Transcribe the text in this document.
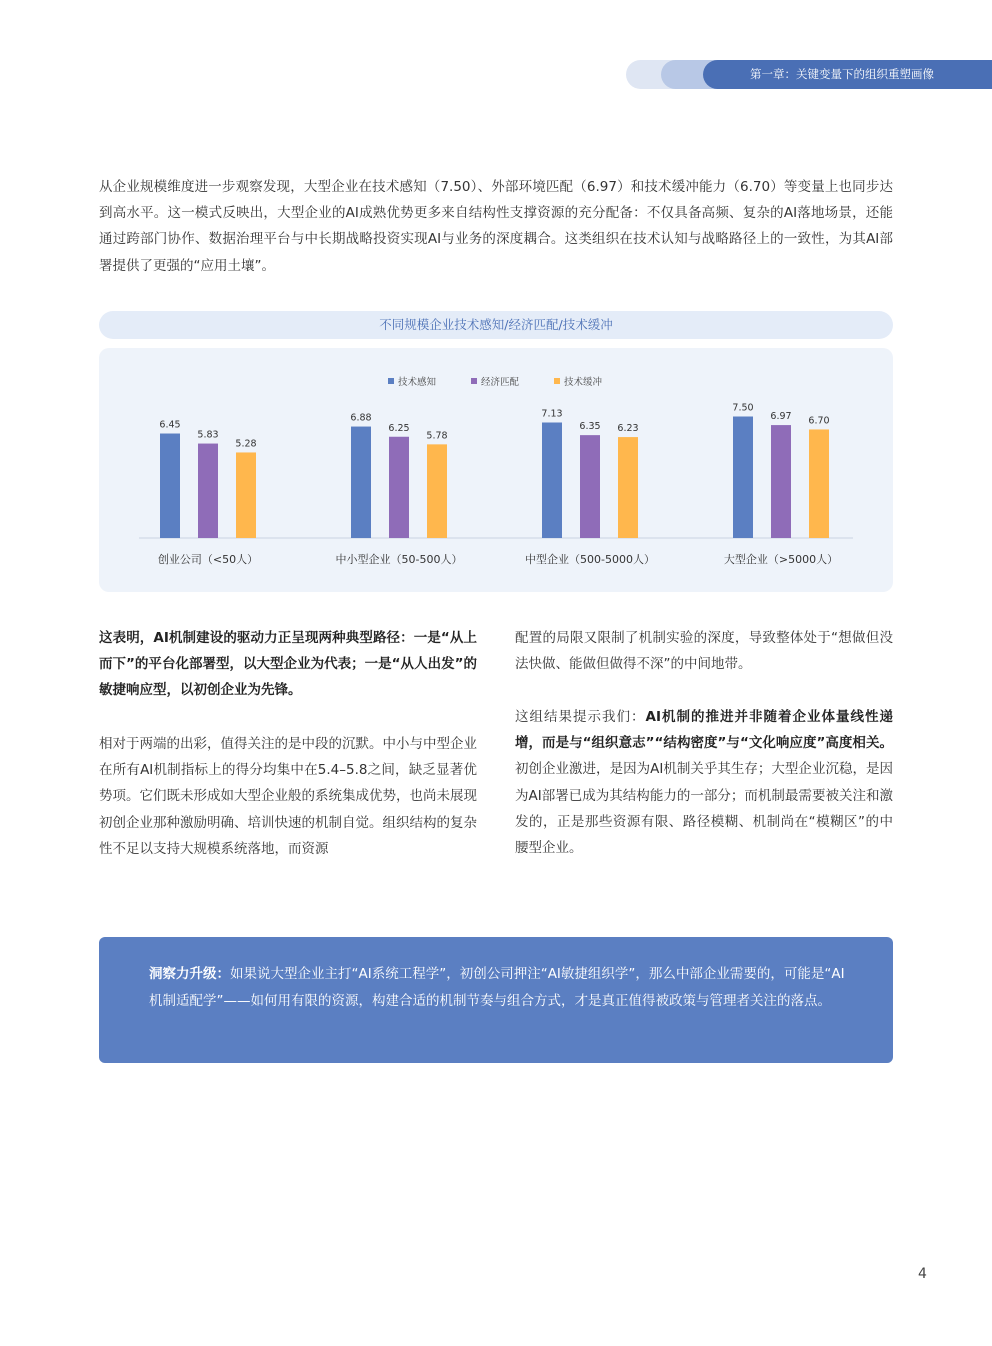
第一章：关键变量下的组织重塑画像

从企业规模维度进一步观察发现，大型企业在技术感知（7.50）、外部环境匹配（6.97）和技术缓冲能力（6.70）等变量上也同步达到高水平。这一模式反映出，大型企业的AI成熟优势更多来自结构性支撑资源的充分配备：不仅具备高频、复杂的AI落地场景，还能通过跨部门协作、数据治理平台与中长期战略投资实现AI与业务的深度耦合。这类组织在技术认知与战略路径上的一致性，为其AI部署提供了更强的“应用土壤”。

不同规模企业技术感知/经济匹配/技术缓冲
技术感知	经济匹配	技术缓冲
6.45
5.83
5.28
创业公司（<50人）
6.88
6.25
5.78
中小型企业（50-500人）
7.13
6.35 6.23
中型企业（500-5000人）
7.50
6.97 6.70
大型企业（>5000人）

这表明，AI机制建设的驱动力正呈现两种典型路径：一是“从上而下”的平台化部署型，以大型企业为代表；一是“从人出发”的敏捷响应型，以初创企业为先锋。

相对于两端的出彩，值得关注的是中段的沉默。中小与中型企业在所有AI机制指标上的得分均集中在5.4–5.8之间，缺乏显著优势项。它们既未形成如大型企业般的系统集成优势，也尚未展现初创企业那种激励明确、培训快速的机制自觉。组织结构的复杂性不足以支持大规模系统落地，而资源

配置的局限又限制了机制实验的深度，导致整体处于“想做但没法快做、能做但做得不深”的中间地带。

这组结果提示我们：AI机制的推进并非随着企业体量线性递增，而是与“组织意志”“结构密度”与“文化响应度”高度相关。初创企业激进，是因为AI机制关乎其生存；大型企业沉稳，是因为AI部署已成为其结构能力的一部分；而机制最需要被关注和激发的，正是那些资源有限、路径模糊、机制尚在“模糊区”的中腰型企业。

洞察力升级：如果说大型企业主打“AI系统工程学”，初创公司押注“AI敏捷组织学”，那么中部企业需要的，可能是“AI机制适配学”——如何用有限的资源，构建合适的机制节奏与组合方式，才是真正值得被政策与管理者关注的落点。

4
